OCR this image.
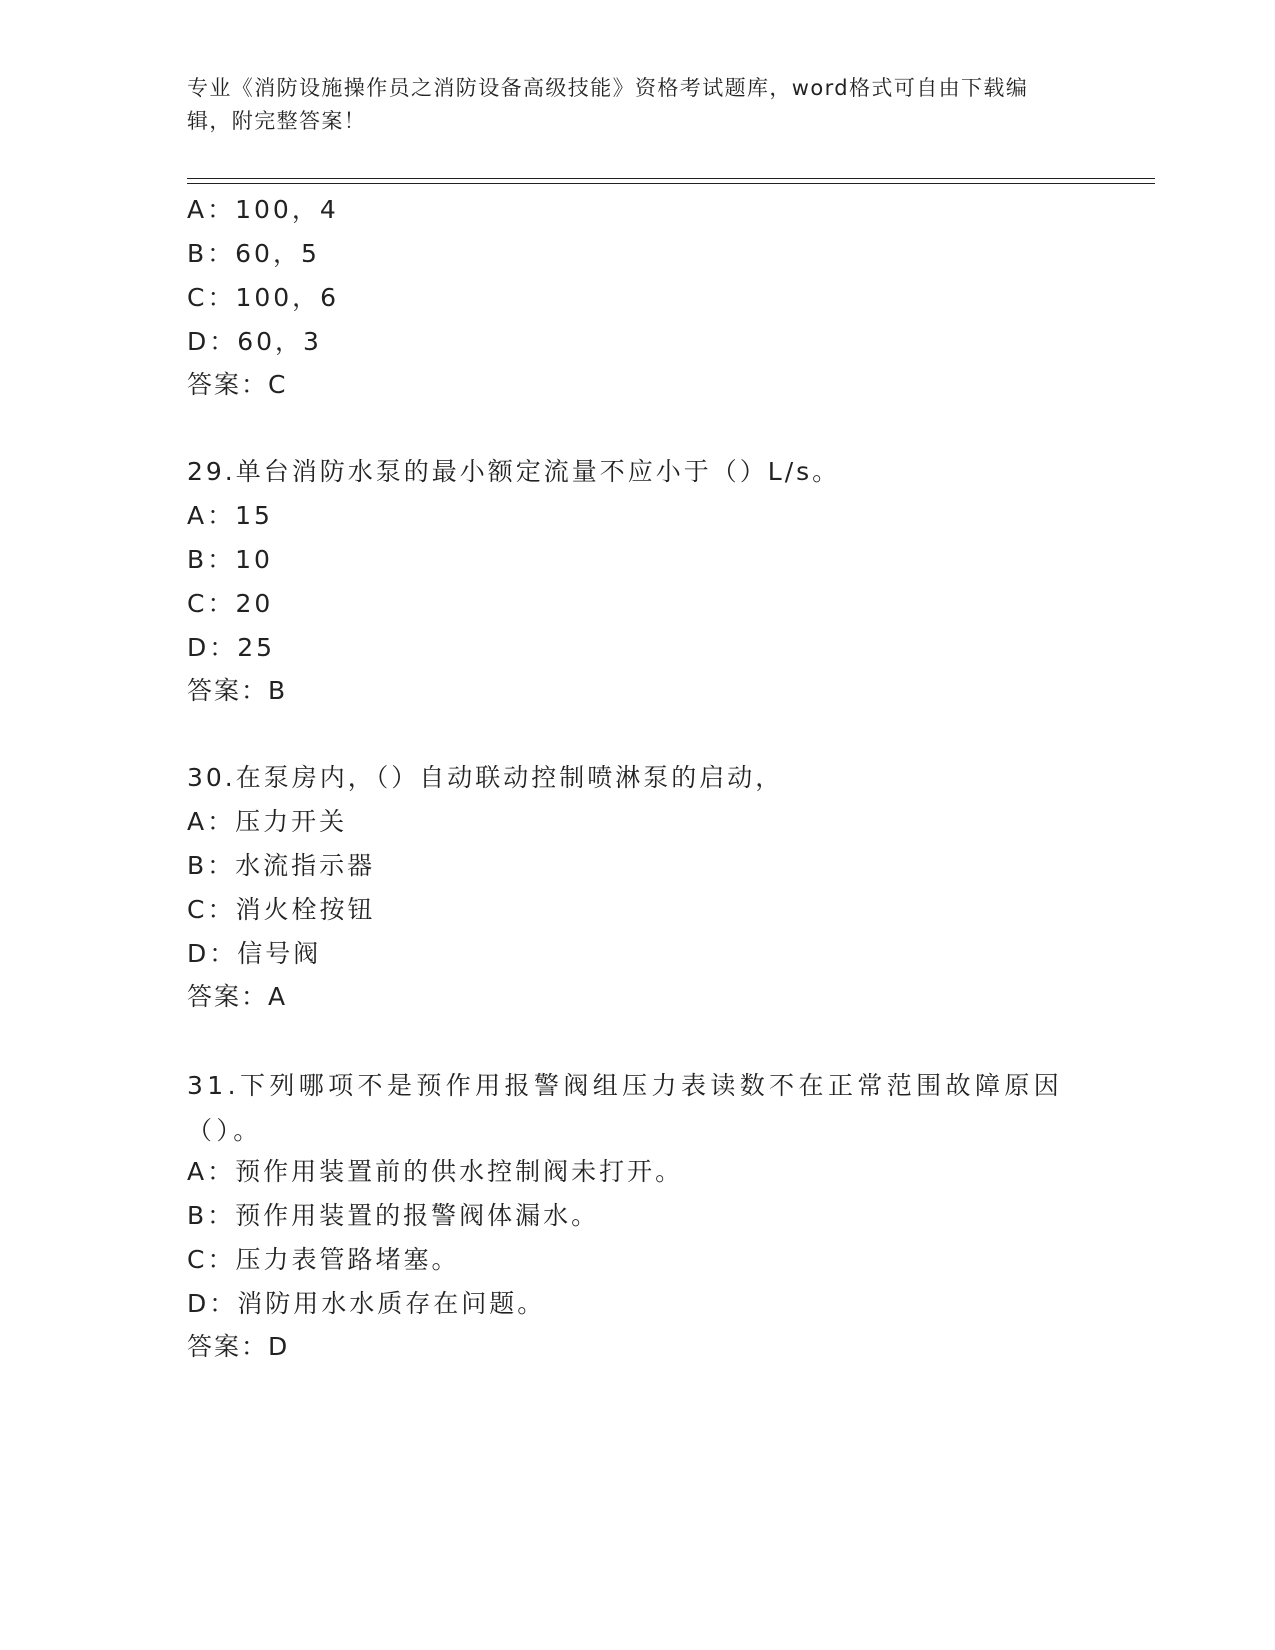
专业《消防设施操作员之消防设备高级技能》资格考试题库，word格式可自由下载编辑，附完整答案！
A：100，4
B：60，5
C：100，6
D：60，3
答案：C
29.单台消防水泵的最小额定流量不应小于（）L/s。
A：15
B：10
C：20
D：25
答案：B
30.在泵房内，（）自动联动控制喷淋泵的启动，
A：压力开关
B：水流指示器
C：消火栓按钮
D：信号阀
答案：A
31.下列哪项不是预作用报警阀组压力表读数不在正常范围故障原因（）。
A：预作用装置前的供水控制阀未打开。
B：预作用装置的报警阀体漏水。
C：压力表管路堵塞。
D：消防用水水质存在问题。
答案：D
